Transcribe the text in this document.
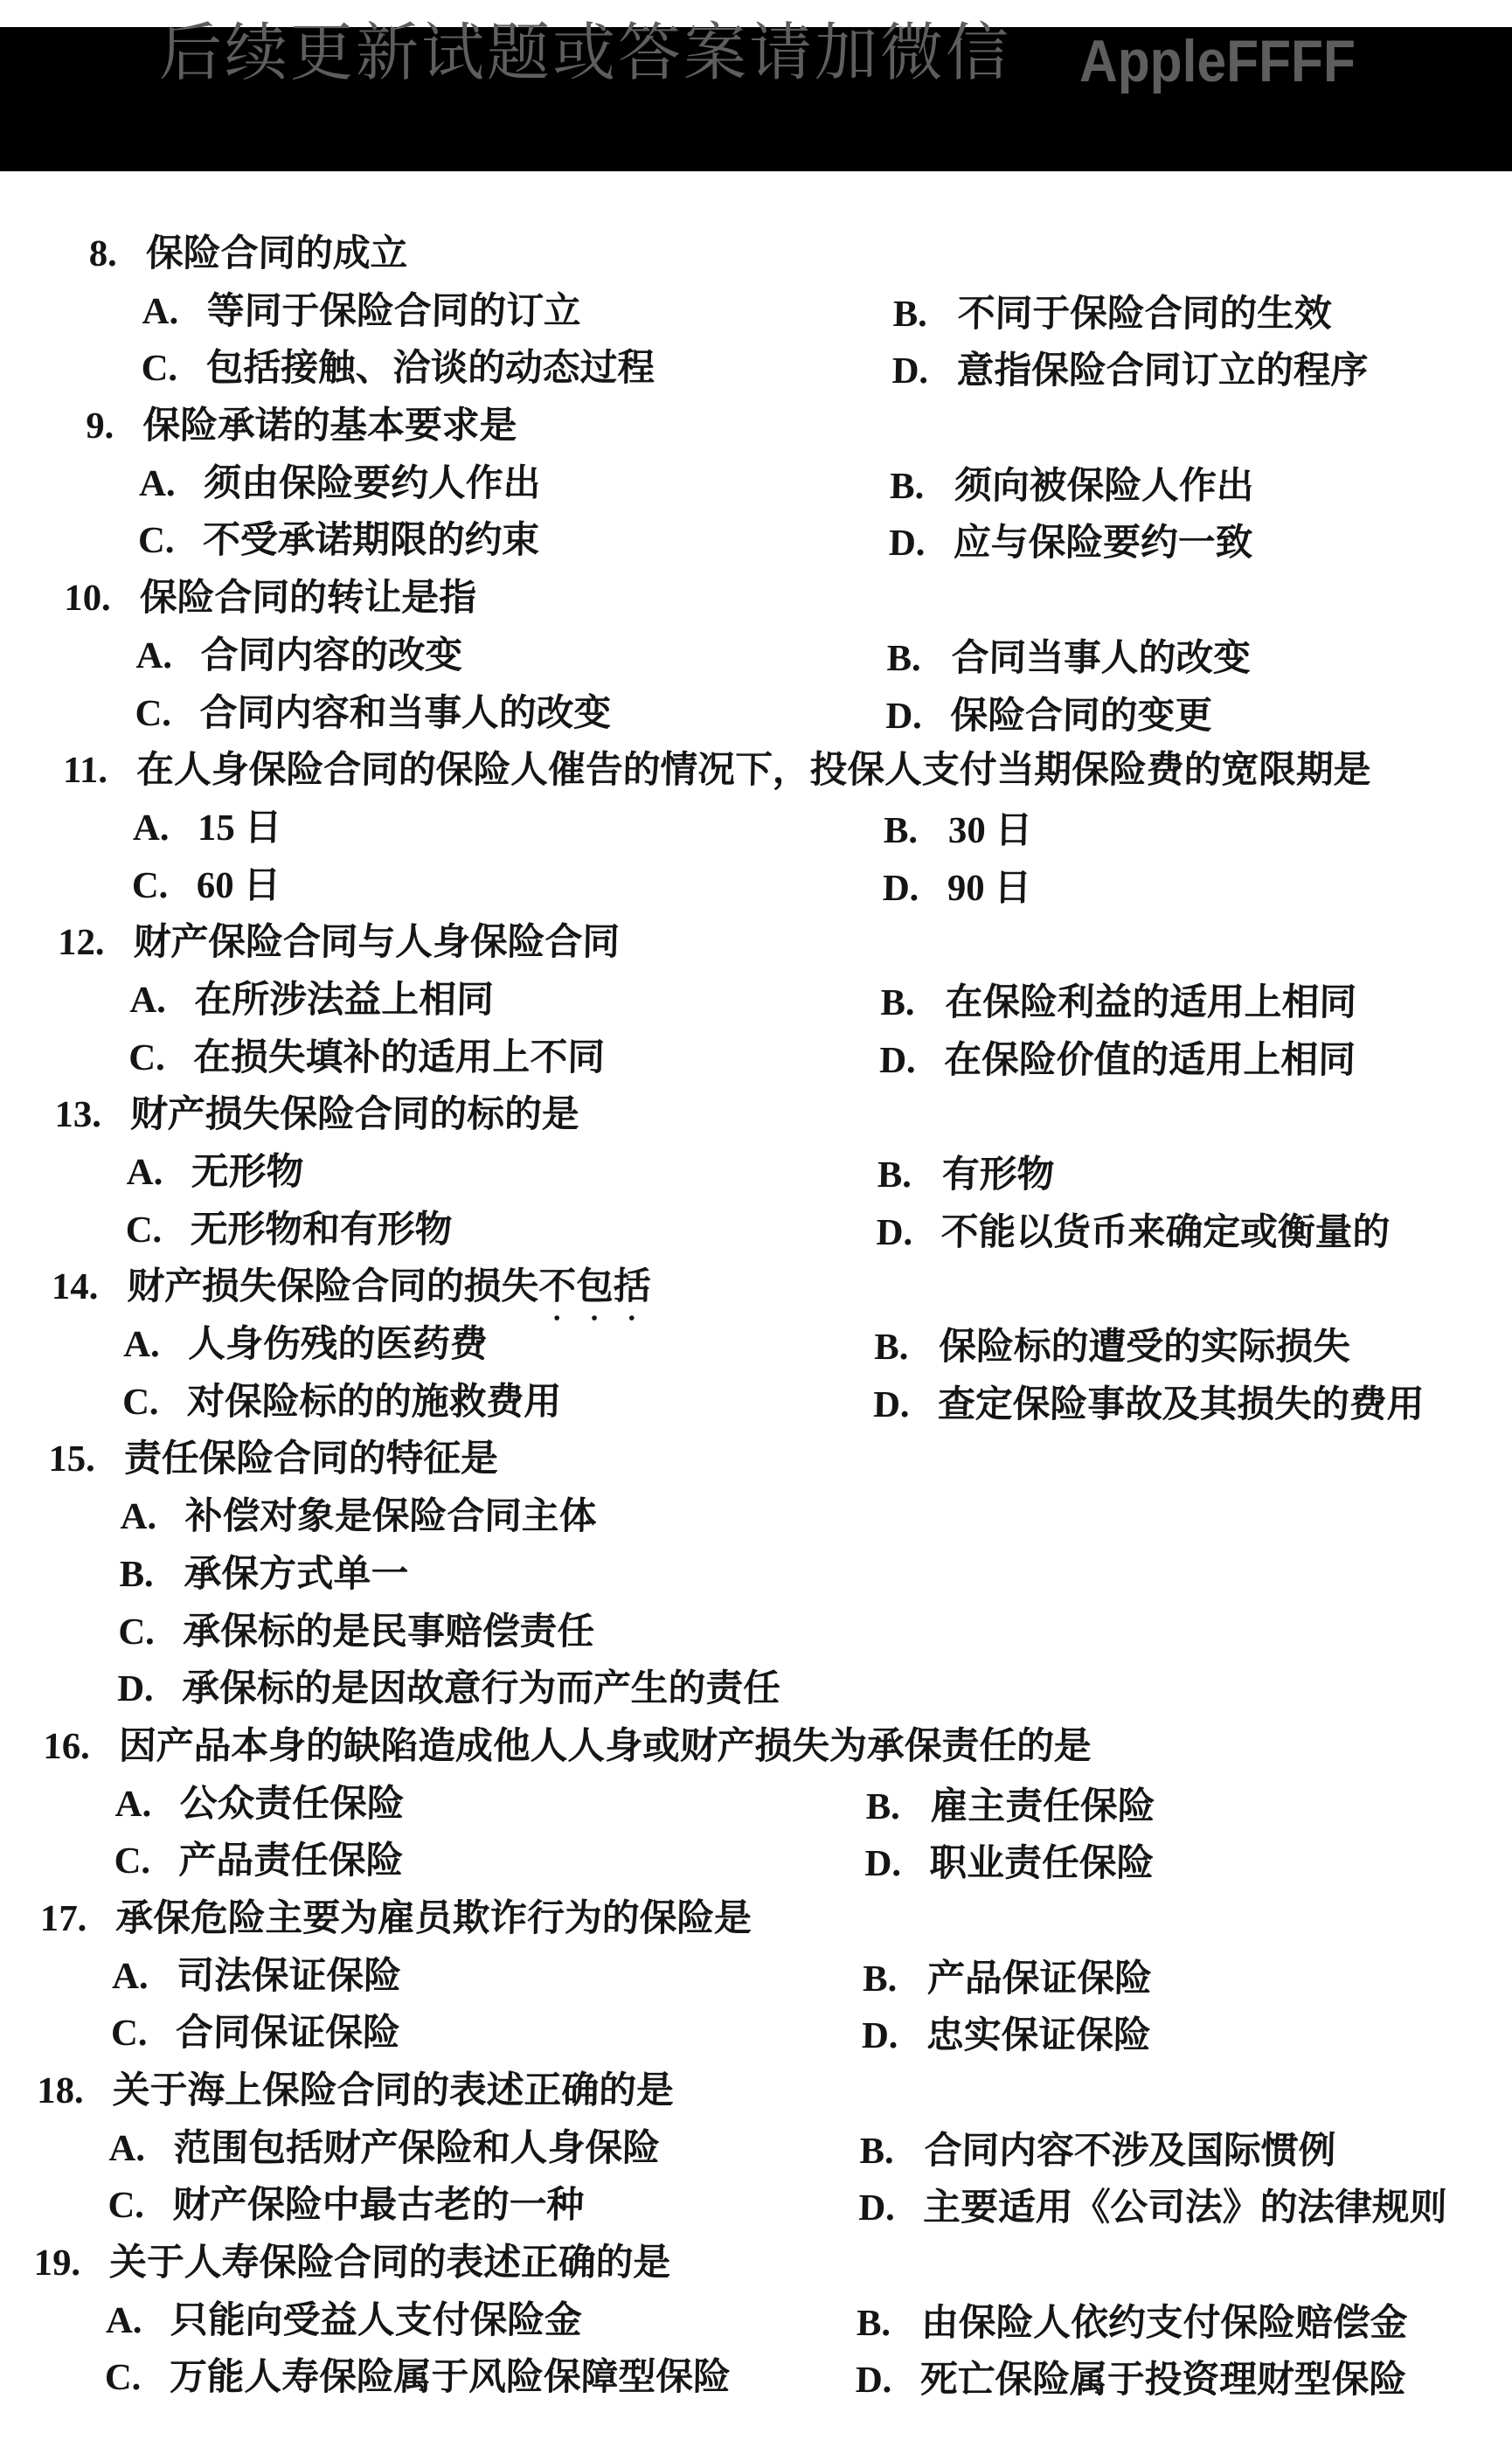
后续更新试题或答案请加微信 AppleFFFF
8. 保险合同的成立
A. 等同于保险合同的订立	B. 不同于保险合同的生效
C. 包括接触、洽谈的动态过程	D. 意指保险合同订立的程序
9. 保险承诺的基本要求是
A. 须由保险要约人作出	B. 须向被保险人作出
C. 不受承诺期限的约束	D. 应与保险要约一致
10. 保险合同的转让是指
A. 合同内容的改变	B. 合同当事人的改变
C. 合同内容和当事人的改变	D. 保险合同的变更
11. 在人身保险合同的保险人催告的情况下，投保人支付当期保险费的宽限期是
A. 15 日	B. 30 日
C. 60 日	D. 90 日
12. 财产保险合同与人身保险合同
A. 在所涉法益上相同	B. 在保险利益的适用上相同
C. 在损失填补的适用上不同	D. 在保险价值的适用上相同
13. 财产损失保险合同的标的是
A. 无形物	B. 有形物
C. 无形物和有形物	D. 不能以货币来确定或衡量的
14. 财产损失保险合同的损失不包括
A. 人身伤残的医药费	B. 保险标的遭受的实际损失
C. 对保险标的的施救费用	D. 查定保险事故及其损失的费用
15. 责任保险合同的特征是
A. 补偿对象是保险合同主体
B. 承保方式单一
C. 承保标的是民事赔偿责任
D. 承保标的是因故意行为而产生的责任
16. 因产品本身的缺陷造成他人人身或财产损失为承保责任的是
A. 公众责任保险	B. 雇主责任保险
C. 产品责任保险	D. 职业责任保险
17. 承保危险主要为雇员欺诈行为的保险是
A. 司法保证保险	B. 产品保证保险
C. 合同保证保险	D. 忠实保证保险
18. 关于海上保险合同的表述正确的是
A. 范围包括财产保险和人身保险	B. 合同内容不涉及国际惯例
C. 财产保险中最古老的一种	D. 主要适用《公司法》的法律规则
19. 关于人寿保险合同的表述正确的是
A. 只能向受益人支付保险金	B. 由保险人依约支付保险赔偿金
C. 万能人寿保险属于风险保障型保险	D. 死亡保险属于投资理财型保险
